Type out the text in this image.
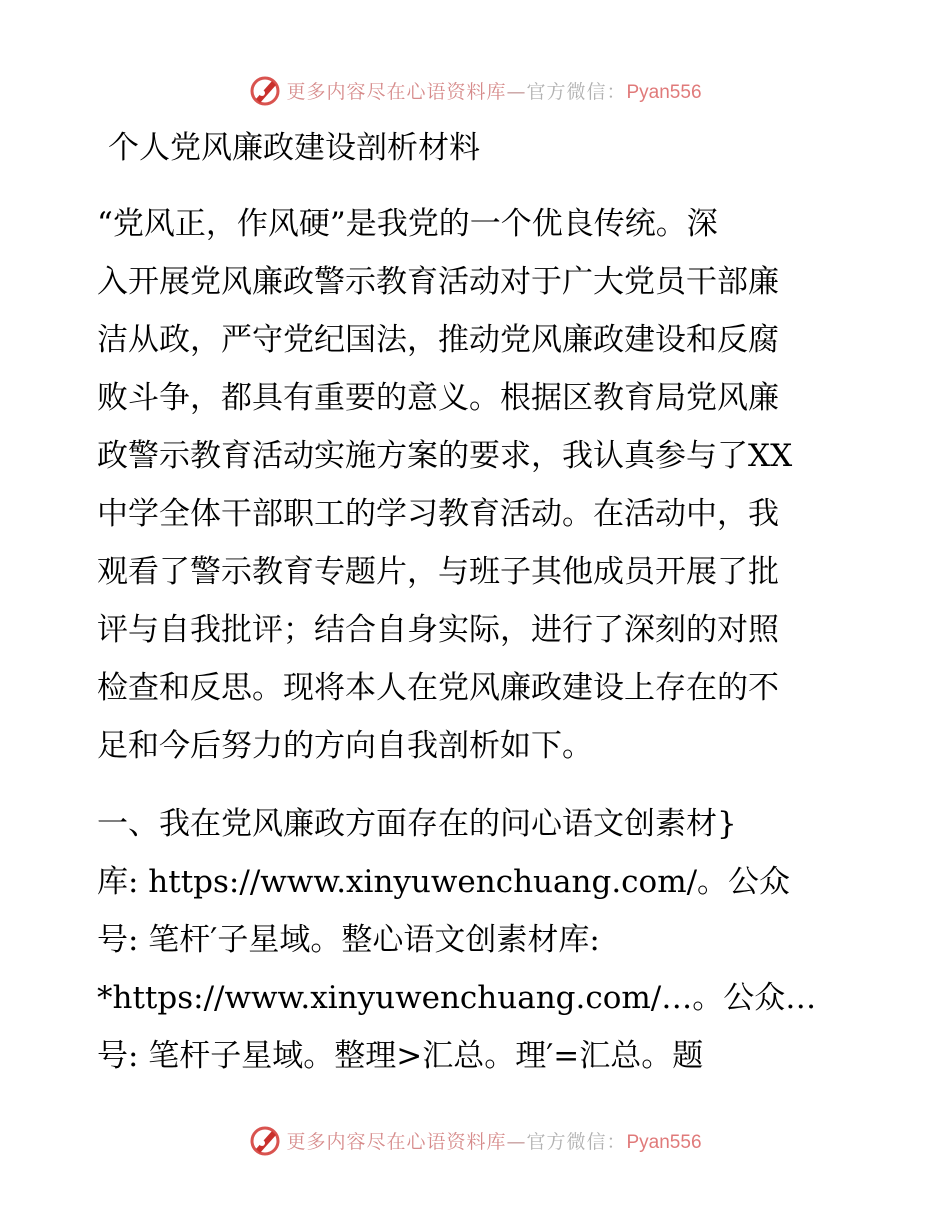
更多内容尽在心语资料库—官方微信：Pyan556
个人党风廉政建设剖析材料
“党风正，作风硬”是我党的一个优良传统。深
入开展党风廉政警示教育活动对于广大党员干部廉
洁从政，严守党纪国法，推动党风廉政建设和反腐
败斗争，都具有重要的意义。根据区教育局党风廉
政警示教育活动实施方案的要求，我认真参与了XX
中学全体干部职工的学习教育活动。在活动中，我
观看了警示教育专题片，与班子其他成员开展了批
评与自我批评；结合自身实际，进行了深刻的对照
检查和反思。现将本人在党风廉政建设上存在的不
足和今后努力的方向自我剖析如下。
一、我在党风廉政方面存在的问心语文创素材}
库: https://www.xinyuwenchuang.com/。公众
号: 笔杆′子星域。整心语文创素材库:
*https://www.xinyuwenchuang.com/…。公众…
号: 笔杆子星域。整理>汇总。理′=汇总。题
更多内容尽在心语资料库—官方微信：Pyan556
